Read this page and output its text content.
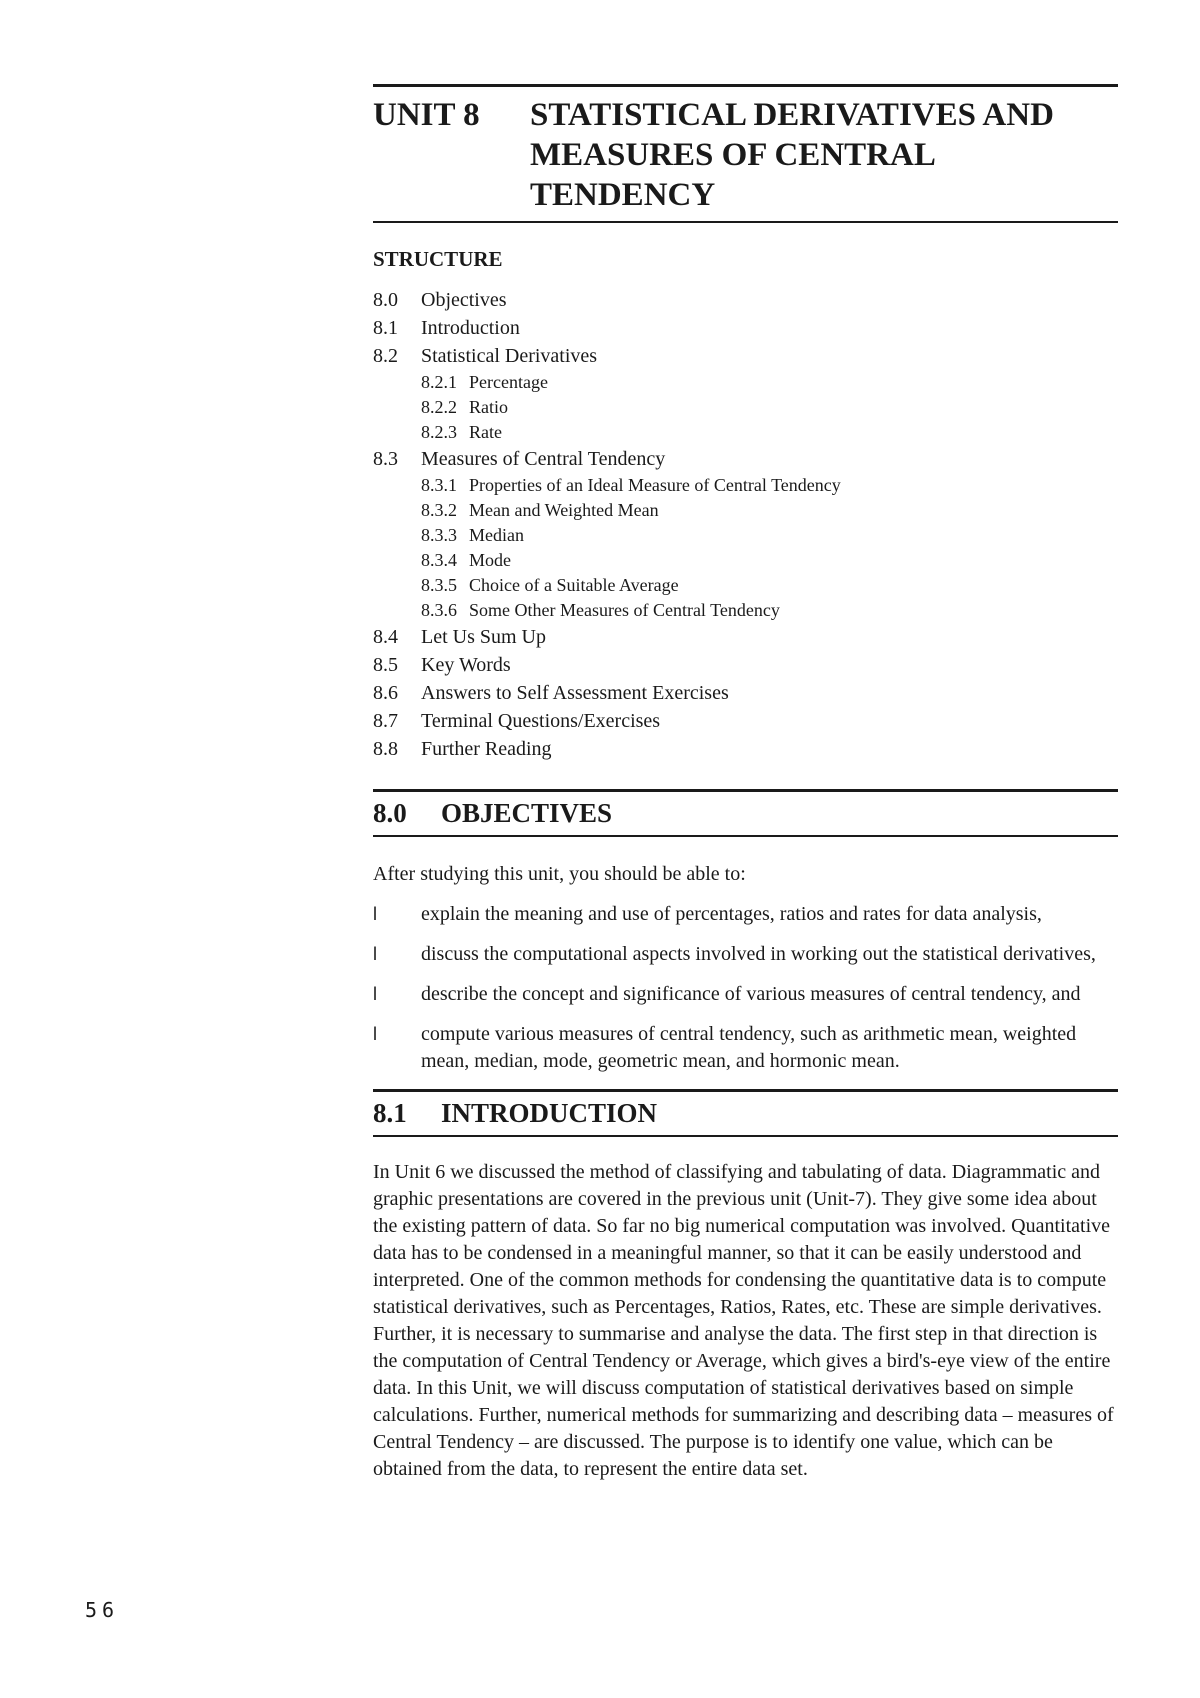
UNIT 8	STATISTICAL DERIVATIVES AND MEASURES OF CENTRAL TENDENCY
STRUCTURE
8.0	Objectives
8.1	Introduction
8.2	Statistical Derivatives
8.2.1 Percentage
8.2.2 Ratio
8.2.3 Rate
8.3	Measures of Central Tendency
8.3.1 Properties of an Ideal Measure of Central Tendency
8.3.2 Mean and Weighted Mean
8.3.3 Median
8.3.4 Mode
8.3.5 Choice of a Suitable Average
8.3.6 Some Other Measures of Central Tendency
8.4	Let Us Sum Up
8.5	Key Words
8.6	Answers to Self Assessment Exercises
8.7	Terminal Questions/Exercises
8.8	Further Reading
8.0	OBJECTIVES

After studying this unit, you should be able to:

l	explain the meaning and use of percentages, ratios and rates for data analysis,
l	discuss the computational aspects involved in working out the statistical derivatives,
l	describe the concept and significance of various measures of central tendency, and
l	compute various measures of central tendency, such as arithmetic mean, weighted mean, median, mode, geometric mean, and hormonic mean.
8.1	INTRODUCTION

In Unit 6 we discussed the method of classifying and tabulating of data. Diagrammatic and graphic presentations are covered in the previous unit (Unit-7). They give some idea about the existing pattern of data. So far no big numerical computation was involved. Quantitative data has to be condensed in a meaningful manner, so that it can be easily understood and interpreted. One of the common methods for condensing the quantitative data is to compute statistical derivatives, such as Percentages, Ratios, Rates, etc. These are simple derivatives. Further, it is necessary to summarise and analyse the data. The first step in that direction is the computation of Central Tendency or Average, which gives a bird's-eye view of the entire data. In this Unit, we will discuss computation of statistical derivatives based on simple calculations. Further, numerical methods for summarizing and describing data – measures of Central Tendency – are discussed. The purpose is to identify one value, which can be obtained from the data, to represent the entire data set.

56
